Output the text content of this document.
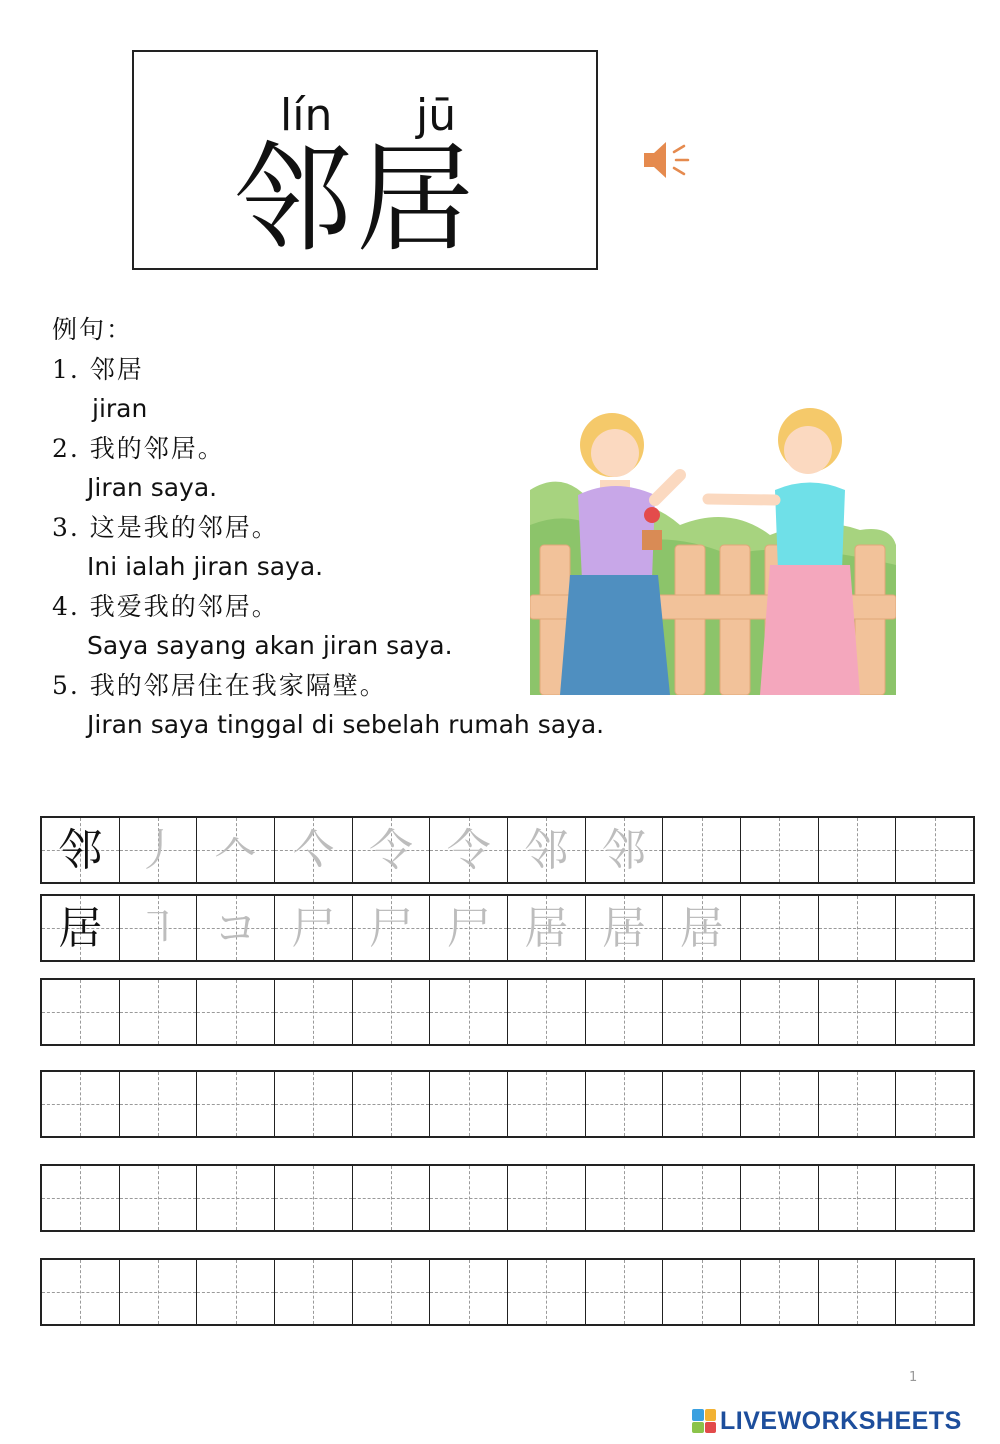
lín jū
邻居
例句：
1. 邻居
jiran
2. 我的邻居。
Jiran saya.
3. 这是我的邻居。
Ini ialah jiran saya.
4. 我爱我的邻居。
Saya sayang akan jiran saya.
5. 我的邻居住在我家隔壁。
Jiran saya tinggal di sebelah rumah saya.
邻 丿 𠆢 亽 令 令 邻 邻
居 ㇕ コ 尸 尸 尸 居 居 居
1
LIVEWORKSHEETS
